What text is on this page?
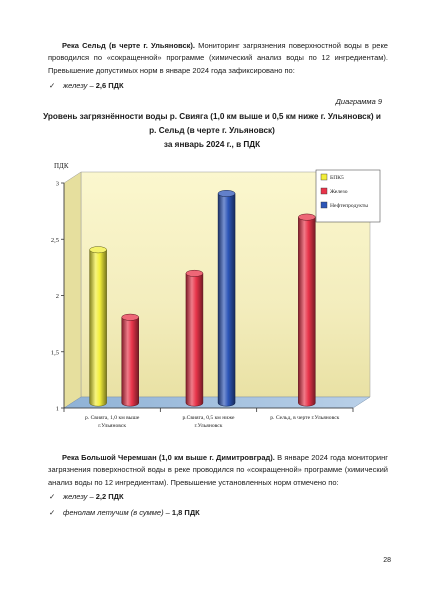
Река Сельд (в черте г. Ульяновск). Мониторинг загрязнения поверхностной воды в реке проводился по «сокращенной» программе (химический анализ воды по 12 ингредиентам). Превышение допустимых норм в январе 2024 года зафиксировано по:

✓ железу – 2,6 ПДК
Диаграмма 9
Уровень загрязнённости воды р. Свияга (1,0 км выше и 0,5 км ниже г. Ульяновск) и
р. Сельд (в черте г. Ульяновск)
за январь 2024 г., в ПДК
1
1,5
2
2,5
3
ПДК
р. Свияга, 1,0 км выше
г.Ульяновск
р.Свияга, 0,5 км ниже
г.Ульяновск
р. Сельд, в черте г.Ульяновск
БПК5
Железо
Нефтепродукты

Река Большой Черемшан (1,0 км выше г. Димитровград). В январе 2024 года мониторинг загрязнения поверхностной воды в реке проводился по «сокращенной» программе (химический анализ воды по 12 ингредиентам). Превышение установленных норм отмечено по:

✓ железу – 2,2 ПДК
✓ фенолам летучим (в сумме) – 1,8 ПДК
28
